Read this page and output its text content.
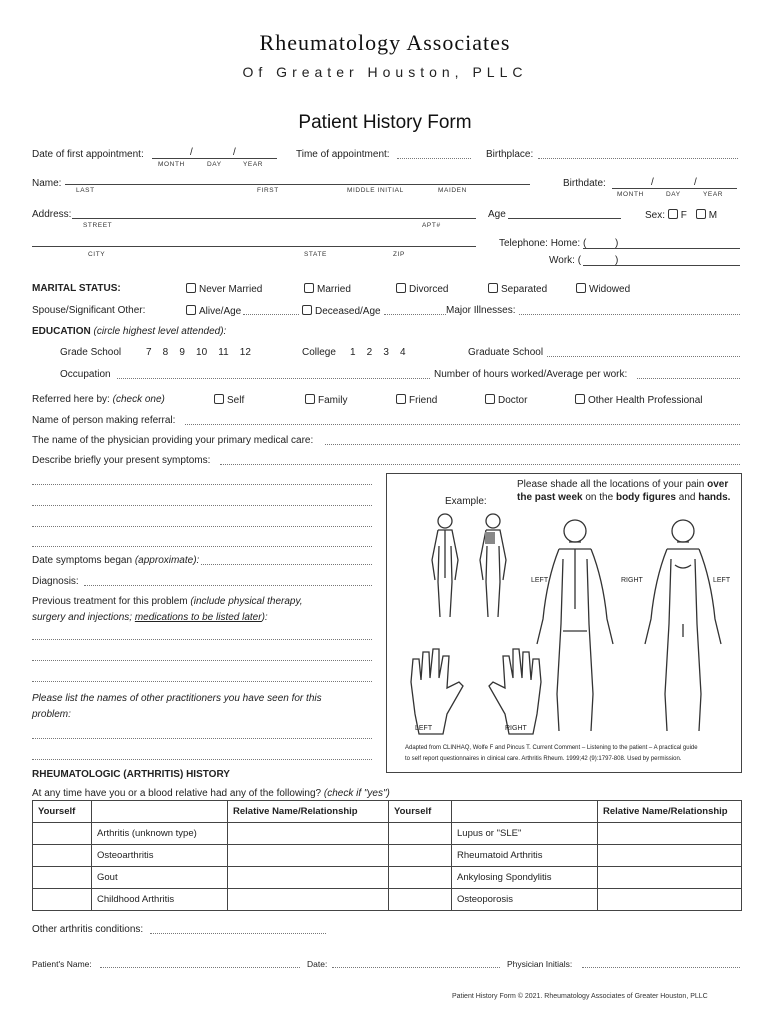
Rheumatology Associates
Of Greater Houston, PLLC
Patient History Form
Date of first appointment:	/	/
MONTH	DAY	YEAR
Time of appointment:	Birthplace:
Name:
LAST	FIRST	MIDDLE INITIAL	MAIDEN
Birthdate:	/	/
MONTH	DAY	YEAR
Address:
STREET	APT#
Age	Sex: F M
CITY	STATE	ZIP
Telephone: Home: (	)
Work: (	)
MARITAL STATUS:	Never Married	Married	Divorced	Separated	Widowed
Spouse/Significant Other:	Alive/Age	Deceased/Age	Major Illnesses:
EDUCATION (circle highest level attended):
Grade School 7    8    9    10    11    12	College 1    2    3    4	Graduate School
Occupation	Number of hours worked/Average per work:
Referred here by: (check one)	Self	Family	Friend	Doctor	Other Health Professional
Name of person making referral:
The name of the physician providing your primary medical care:
Describe briefly your present symptoms:
Date symptoms began (approximate):
Diagnosis:
Previous treatment for this problem (include physical therapy,
surgery and injections; medications to be listed later):
Please list the names of other practitioners you have seen for this
problem:
Please shade all the locations of your pain over the past week on the body figures and hands.
Example:
LEFT	RIGHT	LEFT
LEFT	RIGHT
Adapted from CLINHAQ, Wolfe F and Pincus T. Current Comment – Listening to the patient – A practical guide
to self report questionnaires in clinical care. Arthritis Rheum. 1999;42 (9):1797-808. Used by permission.
RHEUMATOLOGIC (ARTHRITIS) HISTORY
At any time have you or a blood relative had any of the following? (check if "yes")
Yourself		Relative Name/Relationship	Yourself		Relative Name/Relationship
	Arthritis (unknown type)			Lupus or "SLE"	
	Osteoarthritis			Rheumatoid Arthritis	
	Gout			Ankylosing Spondylitis	
	Childhood Arthritis			Osteoporosis	
Other arthritis conditions:
Patient's Name:	Date:	Physician Initials:
Patient History Form © 2021. Rheumatology Associates of Greater Houston, PLLC
